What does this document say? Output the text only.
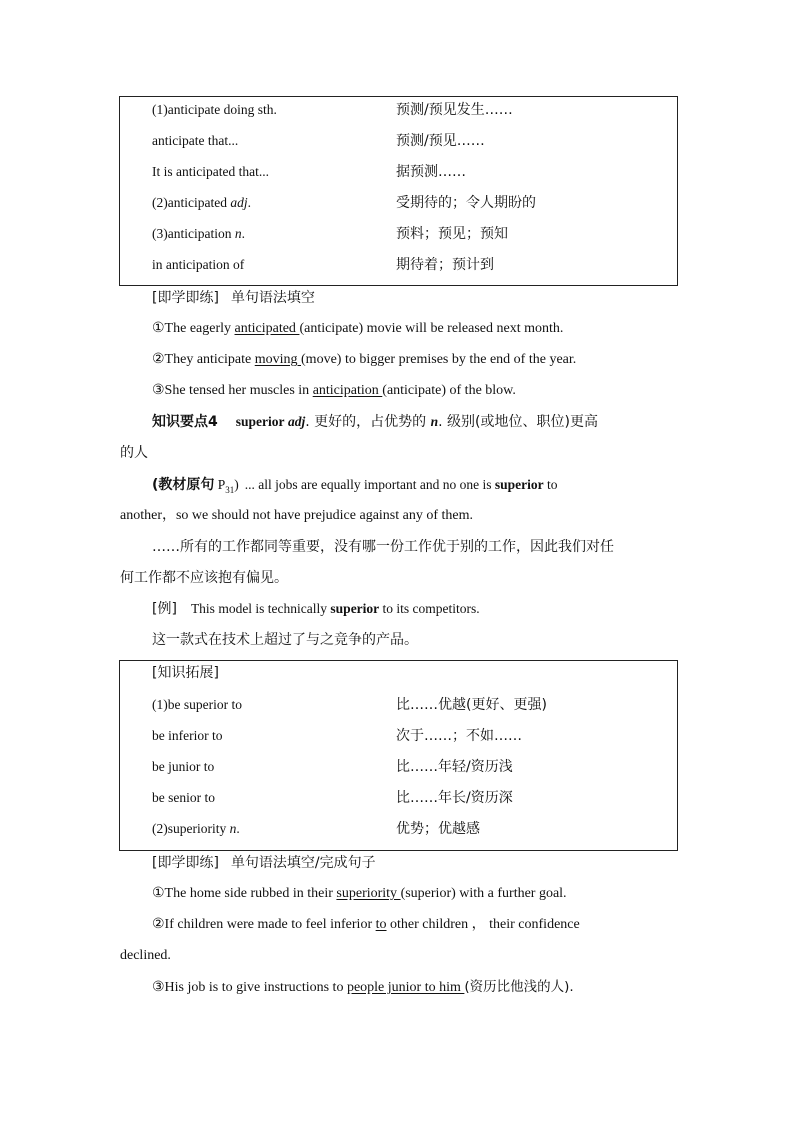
(1)anticipate doing sth.	预测/预见发生……
anticipate that...	预测/预见……
It is anticipated that...	据预测……
(2)anticipated adj.	受期待的；令人期盼的
(3)anticipation n.	预料；预见；预知
in anticipation of	期待着；预计到
[即学即练] 单句语法填空
①The eagerly anticipated (anticipate) movie will be released next month.
②They anticipate moving (move) to bigger premises by the end of the year.
③She tensed her muscles in anticipation (anticipate) of the blow.
知识要点4 superior adj. 更好的，占优势的 n. 级别(或地位、职位)更高
的人
(教材原句 $P_{31}$) ... all jobs are equally important and no one is superior to
another，so we should not have prejudice against any of them.
……所有的工作都同等重要，没有哪一份工作优于别的工作，因此我们对任
何工作都不应该抱有偏见。
[例] This model is technically superior to its competitors.
这一款式在技术上超过了与之竞争的产品。
[知识拓展]
(1)be superior to	比……优越(更好、更强)
be inferior to	次于……；不如……
be junior to	比……年轻/资历浅
be senior to	比……年长/资历深
(2)superiority n.	优势；优越感
[即学即练] 单句语法填空/完成句子
①The home side rubbed in their superiority (superior) with a further goal.
②If children were made to feel inferior to other children ， their confidence
declined.
③His job is to give instructions to people junior to him (资历比他浅的人).
